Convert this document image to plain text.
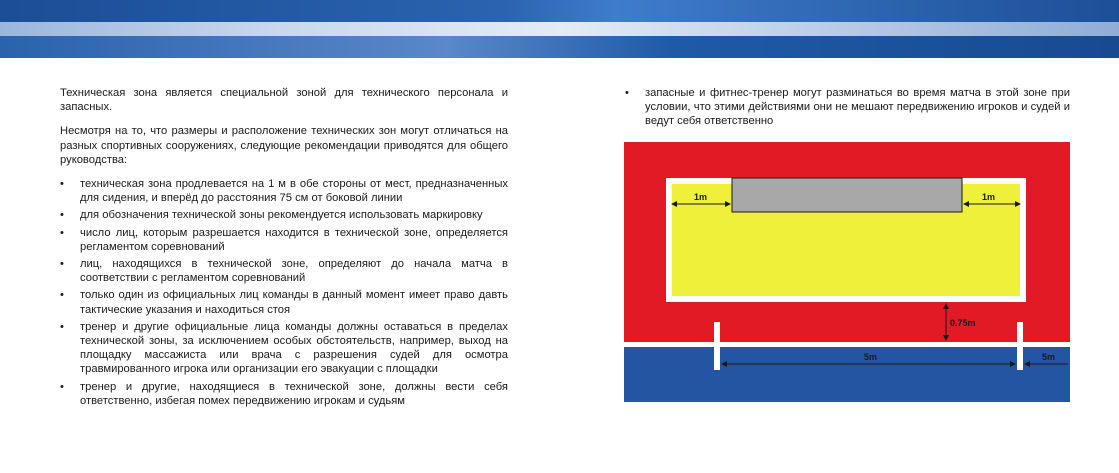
Техническая зона является специальной зоной для технического персонала и запасных.

Несмотря на то, что размеры и расположение технических зон могут отличаться на разных спортивных сооружениях, следующие рекомендации приводятся для общего руководства:

•	техническая зона продлевается на 1 м в обе стороны от мест, предназначенных для сидения, и вперёд до расстояния 75 см от боковой линии
•	для обозначения технической зоны рекомендуется использовать маркировку
•	число лиц, которым разрешается находится в технической зоне, определяется регламентом соревнований
•	лиц, находящихся в технической зоне, определяют до начала матча в соответствии с регламентом соревнований
•	только один из официальных лиц команды в данный момент имеет право давть тактические указания и находиться стоя
•	тренер и другие официальные лица команды должны оставаться в пределах технической зоны, за исключением особых обстоятельств, например, выход на площадку массажиста или врача с разрешения судей для осмотра травмированного игрока или организации его эвакуации с площадки
•	тренер и другие, находящиеся в технической зоне, должны вести себя ответственно, избегая помех передвижению игрокам и судьям
•	запасные и фитнес-тренер могут разминаться во время матча в этой зоне при условии, что этими действиями они не мешают передвижению игроков и судей и ведут себя ответственно
1m	1m
0.75m
5m	5m
